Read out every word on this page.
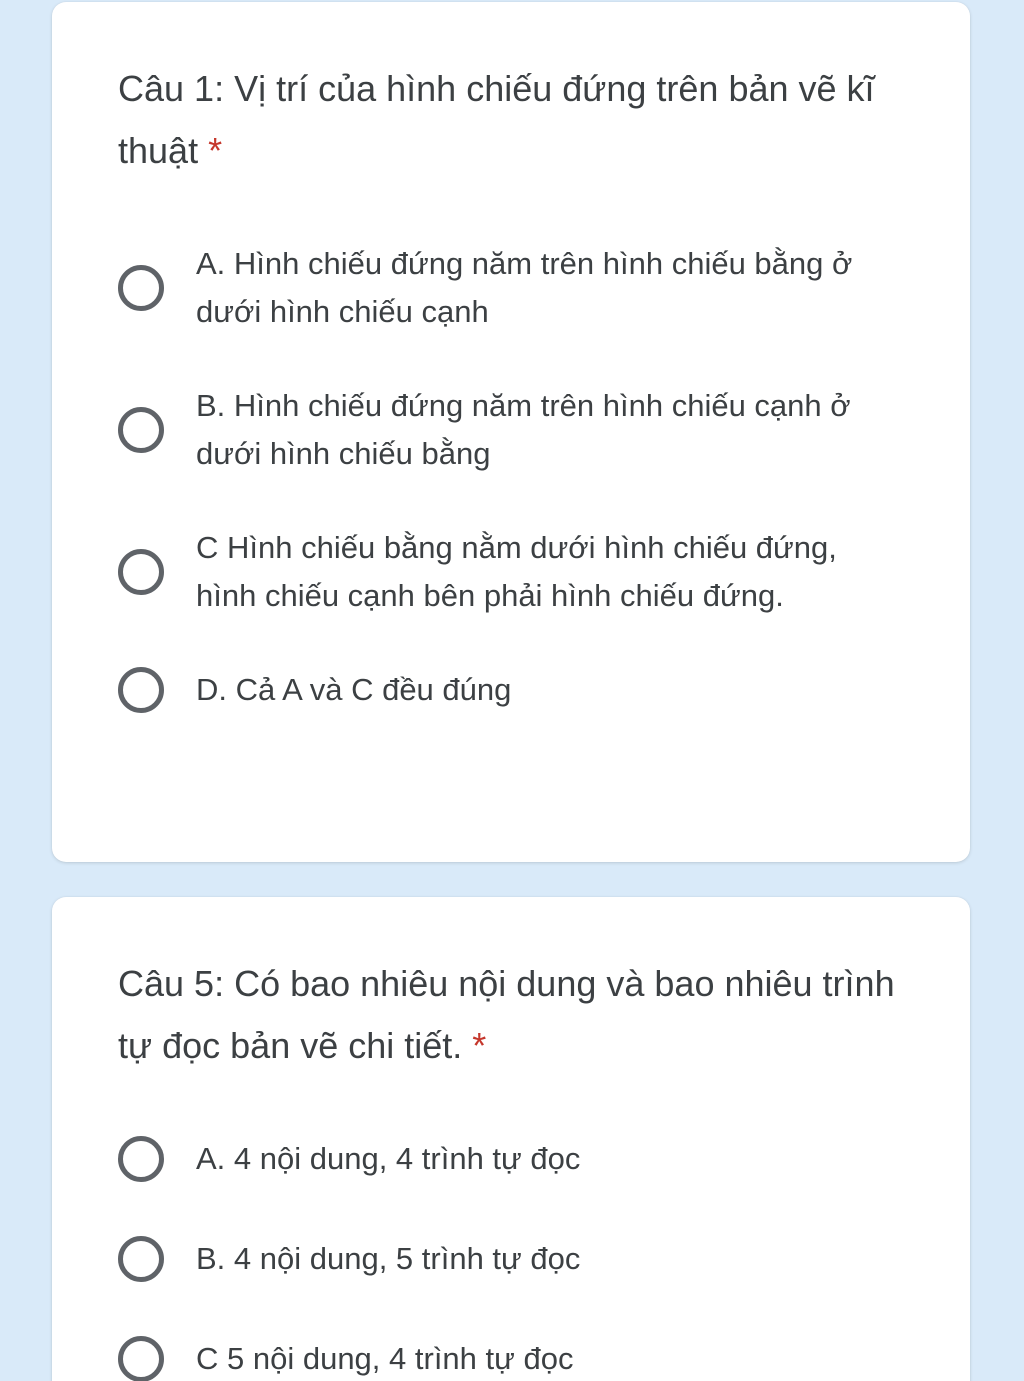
Câu 1: Vị trí của hình chiếu đứng trên bản vẽ kĩ thuật *
A. Hình chiếu đứng năm trên hình chiếu bằng ở dưới hình chiếu cạnh
B. Hình chiếu đứng năm trên hình chiếu cạnh ở dưới hình chiếu bằng
C Hình chiếu bằng nằm dưới hình chiếu đứng, hình chiếu cạnh bên phải hình chiếu đứng.
D. Cả A và C đều đúng
Câu 5: Có bao nhiêu nội dung và bao nhiêu trình tự đọc bản vẽ chi tiết. *
A. 4 nội dung, 4 trình tự đọc
B. 4 nội dung, 5 trình tự đọc
C 5 nội dung, 4 trình tự đọc
